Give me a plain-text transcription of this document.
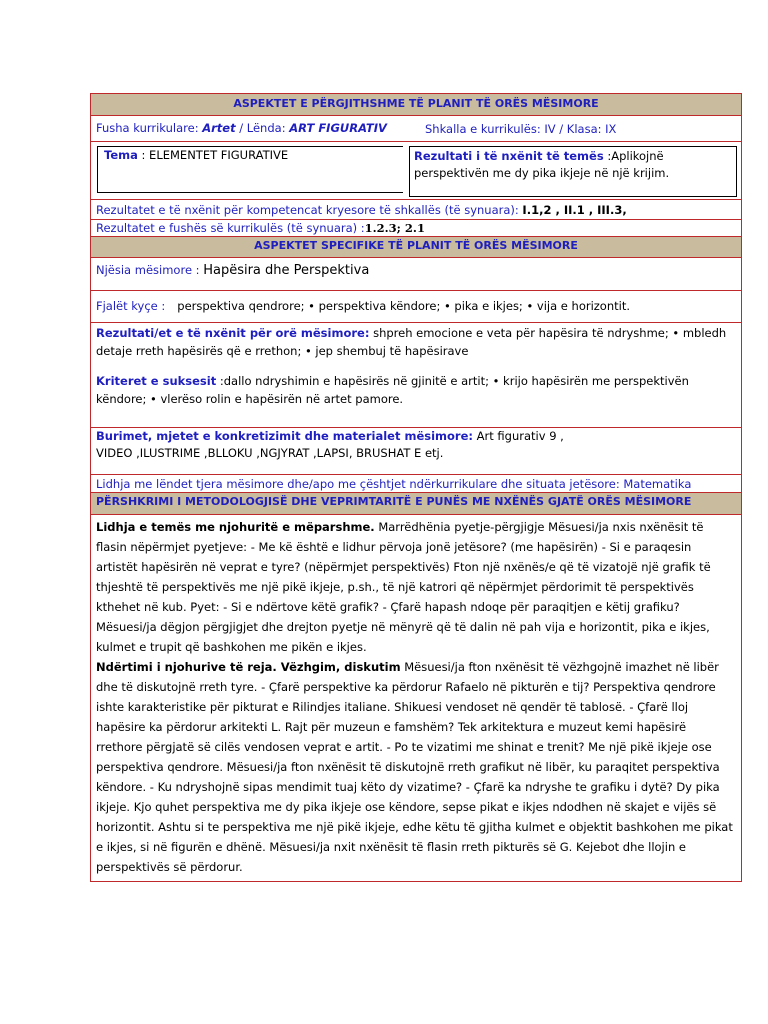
ASPEKTET E PËRGJITHSHME TË PLANIT TË ORËS MËSIMORE
Fusha kurrikulare: Artet / Lënda: ART FIGURATIV	Shkalla e kurrikulës: IV / Klasa: IX
Tema : ELEMENTET FIGURATIVE	Rezultati i të nxënit të temës :Aplikojnë perspektivën me dy pika ikjeje në një krijim.
Rezultatet e të nxënit për kompetencat kryesore të shkallës (të synuara): I.1,2 , II.1 , III.3,
Rezultatet e fushës së kurrikulës (të synuara) :1.2.3; 2.1
ASPEKTET SPECIFIKE TË PLANIT TË ORËS MËSIMORE
Njësia mësimore : Hapësira dhe Perspektiva
Fjalët kyçe : perspektiva qendrore; • perspektiva këndore; • pika e ikjes; • vija e horizontit.
Rezultati/et e të nxënit për orë mësimore: shpreh emocione e veta për hapësira të ndryshme; • mbledh detaje rreth hapësirës që e rrethon; • jep shembuj të hapësirave
Kriteret e suksesit :dallo ndryshimin e hapësirës në gjinitë e artit; • krijo hapësirën me perspektivën këndore; • vlerëso rolin e hapësirën në artet pamore.
Burimet, mjetet e konkretizimit dhe materialet mësimore: Art figurativ 9 ,
VIDEO ,ILUSTRIME ,BLLOKU ,NGJYRAT ,LAPSI, BRUSHAT E etj.
Lidhja me lëndet tjera mësimore dhe/apo me çështjet ndërkurrikulare dhe situata jetësore: Matematika
PËRSHKRIMI I METODOLOGJISË DHE VEPRIMTARITË E PUNËS ME NXËNËS GJATË ORËS MËSIMORE
Lidhja e temës me njohuritë e mëparshme. Marrëdhënia pyetje-përgjigje Mësuesi/ja nxis nxënësit të flasin nëpërmjet pyetjeve: - Me kë është e lidhur përvoja jonë jetësore? (me hapësirën) - Si e paraqesin artistët hapësirën në veprat e tyre? (nëpërmjet perspektivës) Fton një nxënës/e që të vizatojë një grafik të thjeshtë të perspektivës me një pikë ikjeje, p.sh., të një katrori që nëpërmjet përdorimit të perspektivës kthehet në kub. Pyet: - Si e ndërtove këtë grafik? - Çfarë hapash ndoqe për paraqitjen e këtij grafiku? Mësuesi/ja dëgjon përgjigjet dhe drejton pyetje në mënyrë që të dalin në pah vija e horizontit, pika e ikjes, kulmet e trupit që bashkohen me pikën e ikjes.
Ndërtimi i njohurive të reja. Vëzhgim, diskutim Mësuesi/ja fton nxënësit të vëzhgojnë imazhet në libër dhe të diskutojnë rreth tyre. - Çfarë perspektive ka përdorur Rafaelo në pikturën e tij? Perspektiva qendrore ishte karakteristike për pikturat e Rilindjes italiane. Shikuesi vendoset në qendër të tablosë. - Çfarë lloj hapësire ka përdorur arkitekti L. Rajt për muzeun e famshëm? Tek arkitektura e muzeut kemi hapësirë rrethore përgjatë së cilës vendosen veprat e artit. - Po te vizatimi me shinat e trenit? Me një pikë ikjeje ose perspektiva qendrore. Mësuesi/ja fton nxënësit të diskutojnë rreth grafikut në libër, ku paraqitet perspektiva këndore. - Ku ndryshojnë sipas mendimit tuaj këto dy vizatime? - Çfarë ka ndryshe te grafiku i dytë? Dy pika ikjeje. Kjo quhet perspektiva me dy pika ikjeje ose këndore, sepse pikat e ikjes ndodhen në skajet e vijës së horizontit. Ashtu si te perspektiva me një pikë ikjeje, edhe këtu të gjitha kulmet e objektit bashkohen me pikat e ikjes, si në figurën e dhënë. Mësuesi/ja nxit nxënësit të flasin rreth pikturës së G. Kejebot dhe llojin e perspektivës së përdorur.
